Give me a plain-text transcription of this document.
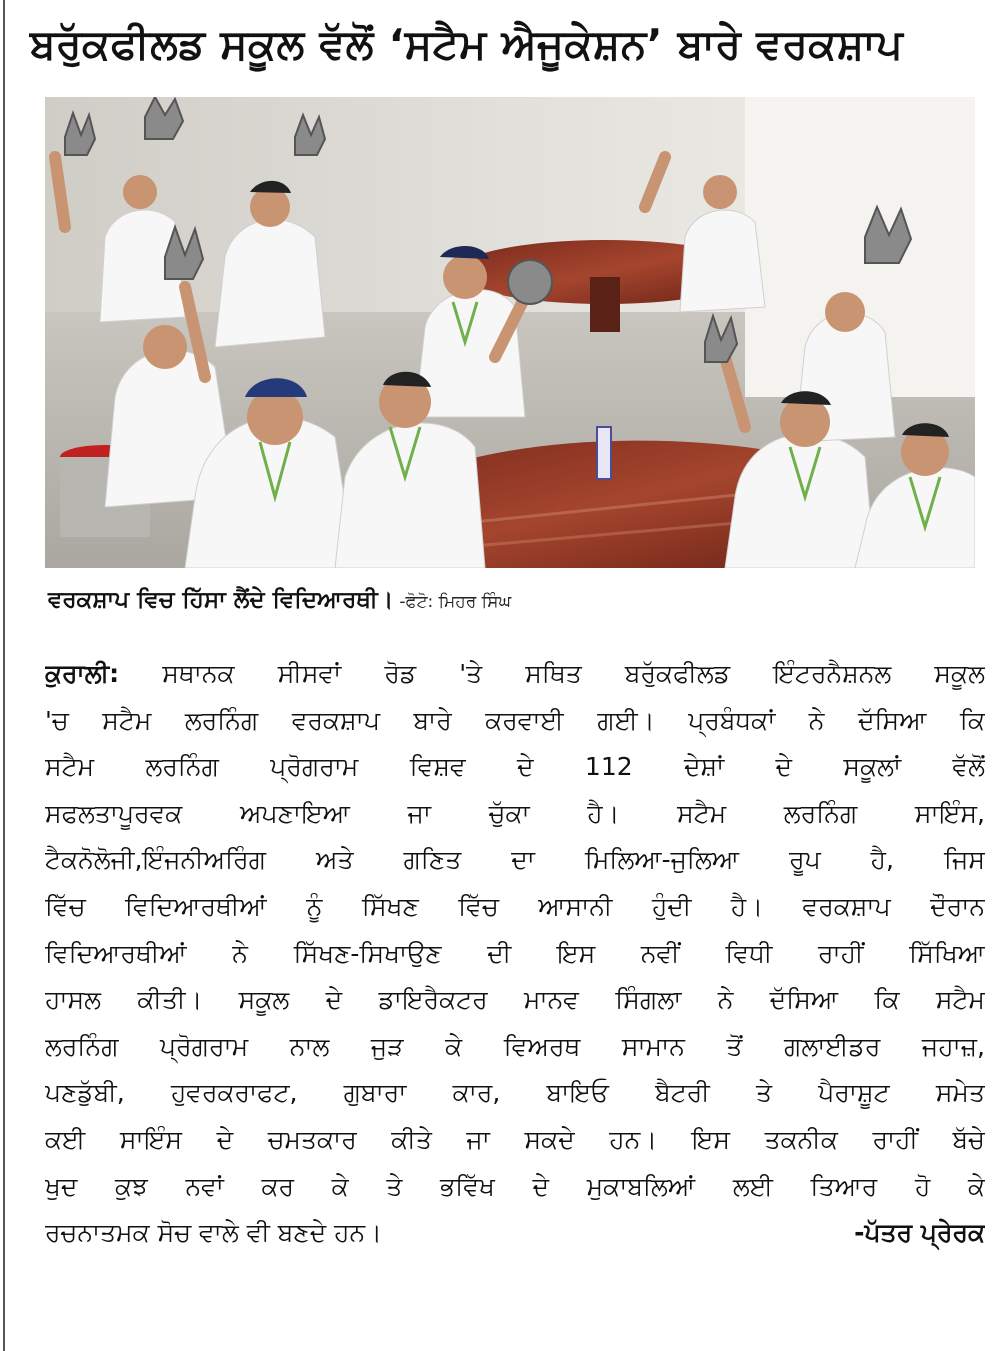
ਬਰੁੱਕਫੀਲਡ ਸਕੂਲ ਵੱਲੋਂ ‘ਸਟੈਮ ਐਜੂਕੇਸ਼ਨ’ ਬਾਰੇ ਵਰਕਸ਼ਾਪ
ਵਰਕਸ਼ਾਪ ਵਿਚ ਹਿੱਸਾ ਲੈਂਦੇ ਵਿਦਿਆਰਥੀ। -ਫੋਟੋ: ਮਿਹਰ ਸਿੰਘ
ਕੁਰਾਲੀ: ਸਥਾਨਕ ਸੀਸਵਾਂ ਰੋਡ 'ਤੇ ਸਥਿਤ ਬਰੁੱਕਫੀਲਡ ਇੰਟਰਨੈਸ਼ਨਲ ਸਕੂਲ
'ਚ ਸਟੈਮ ਲਰਨਿੰਗ ਵਰਕਸ਼ਾਪ ਬਾਰੇ ਕਰਵਾਈ ਗਈ। ਪ੍ਰਬੰਧਕਾਂ ਨੇ ਦੱਸਿਆ ਕਿ
ਸਟੈਮ ਲਰਨਿੰਗ ਪ੍ਰੋਗਰਾਮ ਵਿਸ਼ਵ ਦੇ 112 ਦੇਸ਼ਾਂ ਦੇ ਸਕੂਲਾਂ ਵੱਲੋਂ
ਸਫਲਤਾਪੂਰਵਕ ਅਪਣਾਇਆ ਜਾ ਚੁੱਕਾ ਹੈ। ਸਟੈਮ ਲਰਨਿੰਗ ਸਾਇੰਸ,
ਟੈਕਨੋਲੋਜੀ,ਇੰਜਨੀਅਰਿੰਗ ਅਤੇ ਗਣਿਤ ਦਾ ਮਿਲਿਆ-ਜੁਲਿਆ ਰੂਪ ਹੈ, ਜਿਸ
ਵਿੱਚ ਵਿਦਿਆਰਥੀਆਂ ਨੂੰ ਸਿੱਖਣ ਵਿੱਚ ਆਸਾਨੀ ਹੁੰਦੀ ਹੈ। ਵਰਕਸ਼ਾਪ ਦੌਰਾਨ
ਵਿਦਿਆਰਥੀਆਂ ਨੇ ਸਿੱਖਣ-ਸਿਖਾਉਣ ਦੀ ਇਸ ਨਵੀਂ ਵਿਧੀ ਰਾਹੀਂ ਸਿੱਖਿਆ
ਹਾਸਲ ਕੀਤੀ। ਸਕੂਲ ਦੇ ਡਾਇਰੈਕਟਰ ਮਾਨਵ ਸਿੰਗਲਾ ਨੇ ਦੱਸਿਆ ਕਿ ਸਟੈਮ
ਲਰਨਿੰਗ ਪ੍ਰੋਗਰਾਮ ਨਾਲ ਜੁੜ ਕੇ ਵਿਅਰਥ ਸਾਮਾਨ ਤੋਂ ਗਲਾਈਡਰ ਜਹਾਜ਼,
ਪਣਡੁੱਬੀ, ਹੁਵਰਕਰਾਫਟ, ਗੁਬਾਰਾ ਕਾਰ, ਬਾਇਓ ਬੈਟਰੀ ਤੇ ਪੈਰਾਸ਼ੂਟ ਸਮੇਤ
ਕਈ ਸਾਇੰਸ ਦੇ ਚਮਤਕਾਰ ਕੀਤੇ ਜਾ ਸਕਦੇ ਹਨ। ਇਸ ਤਕਨੀਕ ਰਾਹੀਂ ਬੱਚੇ
ਖੁਦ ਕੁਝ ਨਵਾਂ ਕਰ ਕੇ ਤੇ ਭਵਿੱਖ ਦੇ ਮੁਕਾਬਲਿਆਂ ਲਈ ਤਿਆਰ ਹੋ ਕੇ
ਰਚਨਾਤਮਕ ਸੋਚ ਵਾਲੇ ਵੀ ਬਣਦੇ ਹਨ।	-ਪੱਤਰ ਪ੍ਰੇਰਕ
